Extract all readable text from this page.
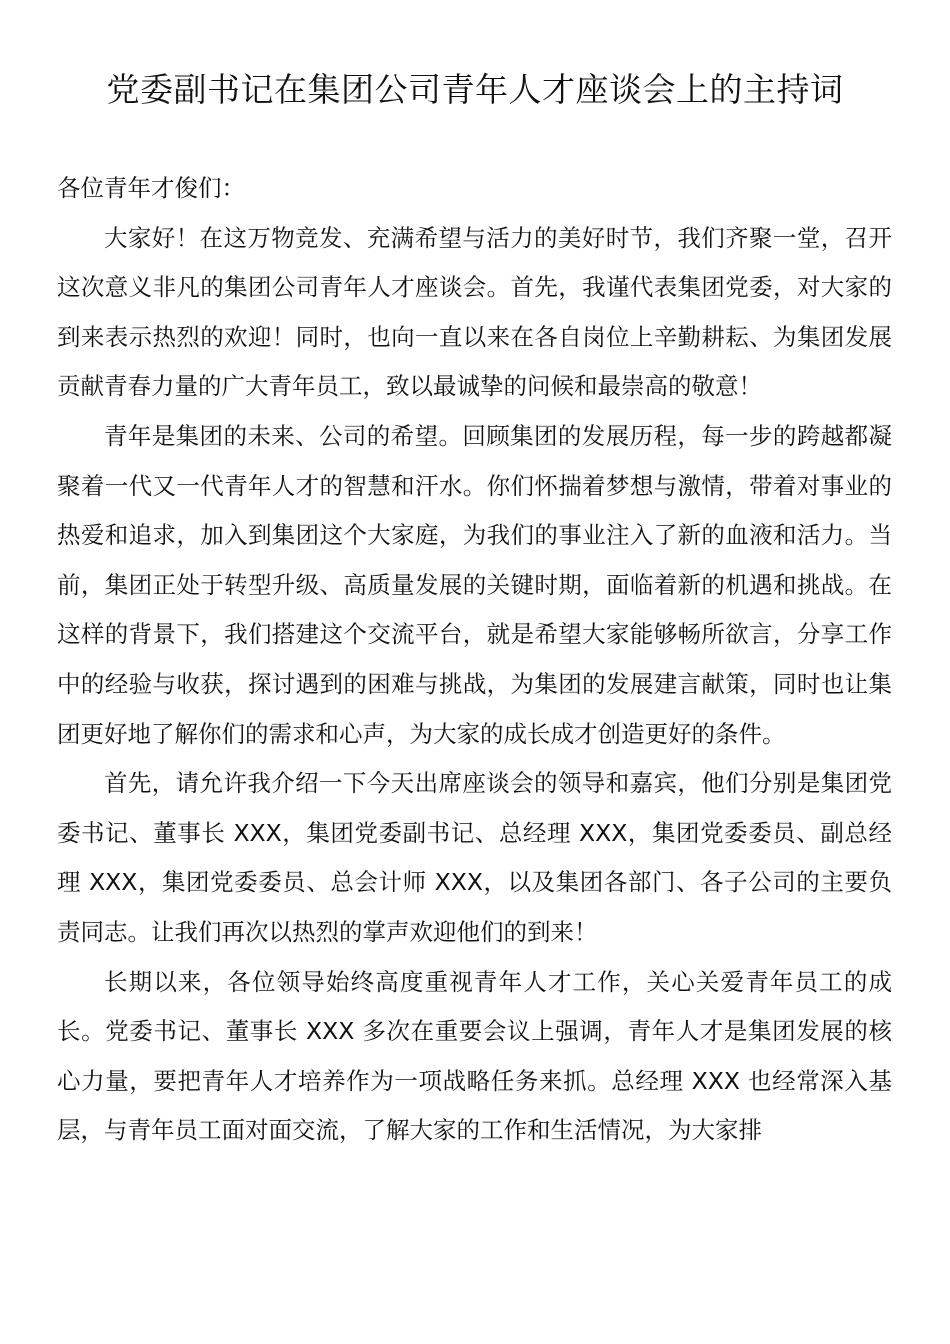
党委副书记在集团公司青年人才座谈会上的主持词

各位青年才俊们：

大家好！在这万物竞发、充满希望与活力的美好时节，我们齐聚一堂，召开这次意义非凡的集团公司青年人才座谈会。首先，我谨代表集团党委，对大家的到来表示热烈的欢迎！同时，也向一直以来在各自岗位上辛勤耕耘、为集团发展贡献青春力量的广大青年员工，致以最诚挚的问候和最崇高的敬意！

青年是集团的未来、公司的希望。回顾集团的发展历程，每一步的跨越都凝聚着一代又一代青年人才的智慧和汗水。你们怀揣着梦想与激情，带着对事业的热爱和追求，加入到集团这个大家庭，为我们的事业注入了新的血液和活力。当前，集团正处于转型升级、高质量发展的关键时期，面临着新的机遇和挑战。在这样的背景下，我们搭建这个交流平台，就是希望大家能够畅所欲言，分享工作中的经验与收获，探讨遇到的困难与挑战，为集团的发展建言献策，同时也让集团更好地了解你们的需求和心声，为大家的成长成才创造更好的条件。

首先，请允许我介绍一下今天出席座谈会的领导和嘉宾，他们分别是集团党委书记、董事长 XXX，集团党委副书记、总经理 XXX，集团党委委员、副总经理 XXX，集团党委委员、总会计师 XXX，以及集团各部门、各子公司的主要负责同志。让我们再次以热烈的掌声欢迎他们的到来！

长期以来，各位领导始终高度重视青年人才工作，关心关爱青年员工的成长。党委书记、董事长 XXX 多次在重要会议上强调，青年人才是集团发展的核心力量，要把青年人才培养作为一项战略任务来抓。总经理 XXX 也经常深入基层，与青年员工面对面交流，了解大家的工作和生活情况，为大家排
